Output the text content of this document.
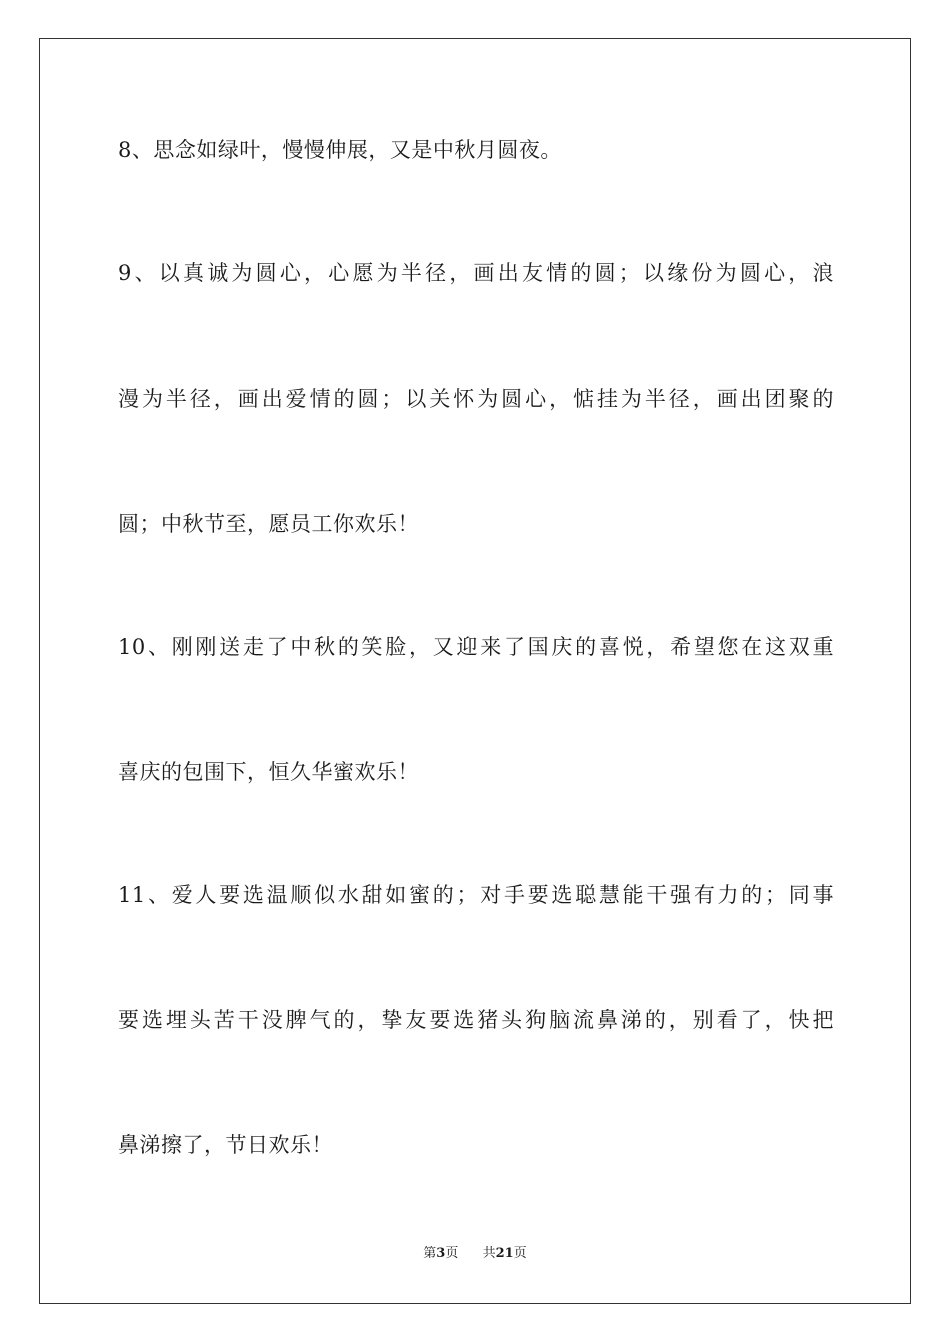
8、思念如绿叶，慢慢伸展，又是中秋月圆夜。
9、以真诚为圆心，心愿为半径，画出友情的圆；以缘份为圆心，浪
漫为半径，画出爱情的圆；以关怀为圆心，惦挂为半径，画出团聚的
圆；中秋节至，愿员工你欢乐！
10、刚刚送走了中秋的笑脸，又迎来了国庆的喜悦，希望您在这双重
喜庆的包围下，恒久华蜜欢乐！
11、爱人要选温顺似水甜如蜜的；对手要选聪慧能干强有力的；同事
要选埋头苦干没脾气的，挚友要选猪头狗脑流鼻涕的，别看了，快把
鼻涕擦了，节日欢乐！
第3页 共21页
